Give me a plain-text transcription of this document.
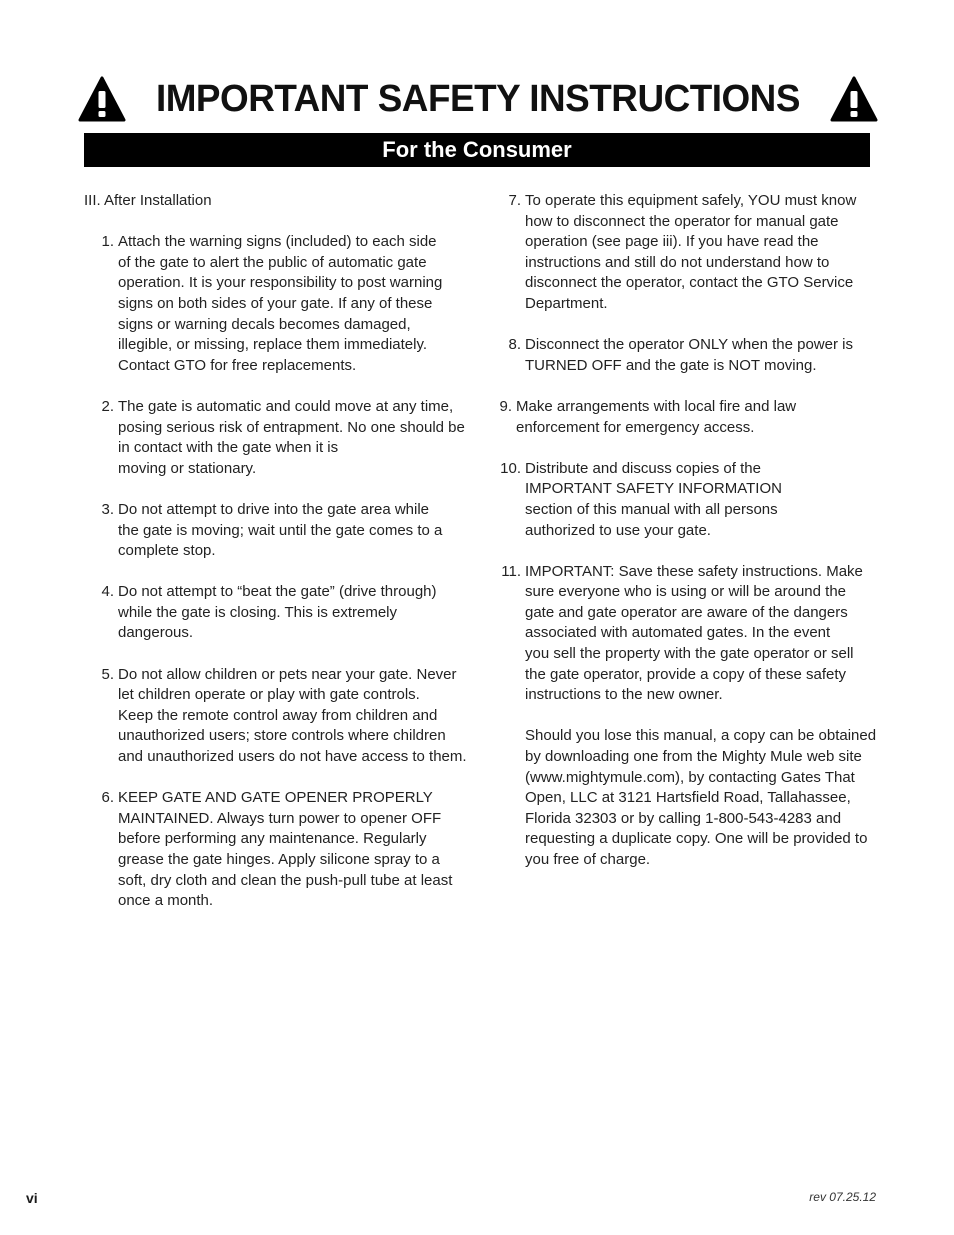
IMPORTANT SAFETY INSTRUCTIONS
For the Consumer
III. After Installation
1. Attach the warning signs (included) to each side
of the gate to alert the public of automatic gate
operation. It is your responsibility to post warning
signs on both sides of your gate. If any of these
signs or warning decals becomes damaged,
illegible, or missing, replace them immediately.
Contact GTO for free replacements.
2. The gate is automatic and could move at any time,
posing serious risk of entrapment. No one should be
in contact with the gate when it is
moving or stationary.
3. Do not attempt to drive into the gate area while
the gate is moving; wait until the gate comes to a
complete stop.
4. Do not attempt to “beat the gate” (drive through)
while the gate is closing. This is extremely
dangerous.
5. Do not allow children or pets near your gate. Never
let children operate or play with gate controls.
Keep the remote control away from children and
unauthorized users; store controls where children
and unauthorized users do not have access to them.
6. KEEP GATE AND GATE OPENER PROPERLY
MAINTAINED. Always turn power to opener OFF
before performing any maintenance. Regularly
grease the gate hinges. Apply silicone spray to a
soft, dry cloth and clean the push-pull tube at least
once a month.
7. To operate this equipment safely, YOU must know
how to disconnect the operator for manual gate
operation (see page iii). If you have read the
instructions and still do not understand how to
disconnect the operator, contact the GTO Service
Department.
8. Disconnect the operator ONLY when the power is
TURNED OFF and the gate is NOT moving.
9. Make arrangements with local fire and law
enforcement for emergency access.
10. Distribute and discuss copies of the
IMPORTANT SAFETY INFORMATION
section of this manual with all persons
authorized to use your gate.
11. IMPORTANT: Save these safety instructions. Make
sure everyone who is using or will be around the
gate and gate operator are aware of the dangers
associated with automated gates. In the event
you sell the property with the gate operator or sell
the gate operator, provide a copy of these safety
instructions to the new owner.
Should you lose this manual, a copy can be obtained
by downloading one from the Mighty Mule web site
(www.mightymule.com), by contacting Gates That
Open, LLC at 3121 Hartsfield Road, Tallahassee,
Florida 32303 or by calling 1-800-543-4283 and
requesting a duplicate copy. One will be provided to
you free of charge.
vi	rev 07.25.12
